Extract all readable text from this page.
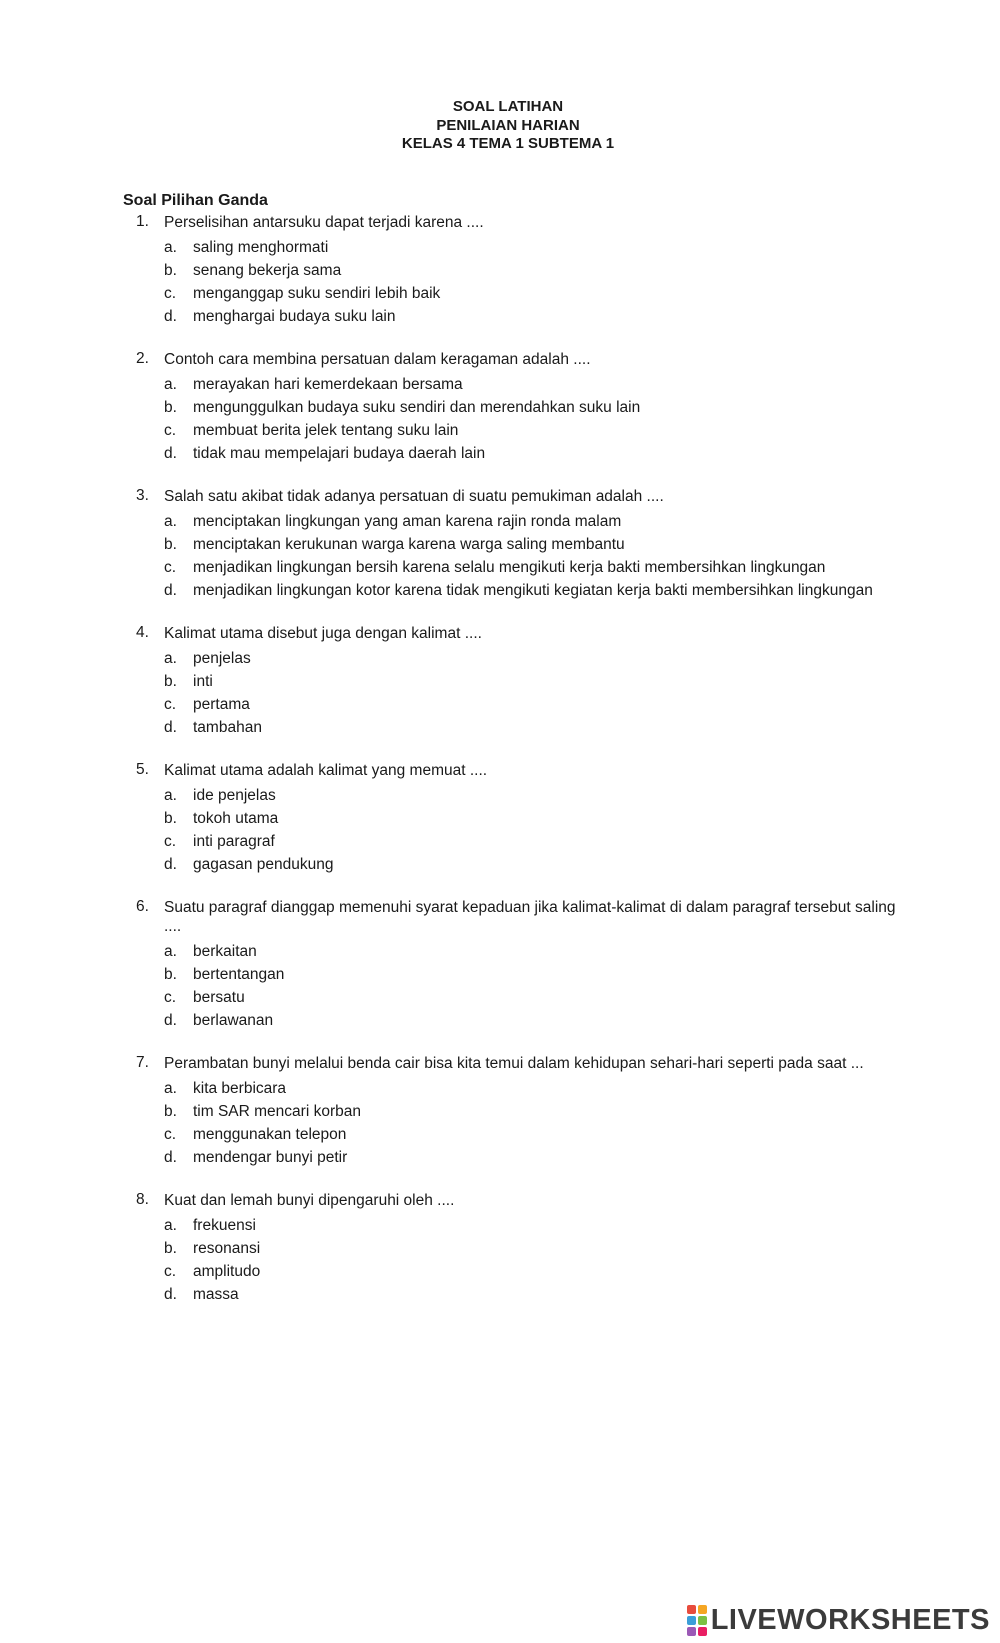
SOAL LATIHAN
PENILAIAN HARIAN
KELAS 4 TEMA 1 SUBTEMA 1
Soal Pilihan Ganda
1. Perselisihan antarsuku dapat terjadi karena ....
a.	saling menghormati
b.	senang bekerja sama
c.	menganggap suku sendiri lebih baik
d.	menghargai budaya suku lain
2. Contoh cara membina persatuan dalam keragaman adalah ....
a.	merayakan hari kemerdekaan bersama
b.	mengunggulkan budaya suku sendiri dan merendahkan suku lain
c.	membuat berita jelek tentang suku lain
d.	tidak mau mempelajari budaya daerah lain
3. Salah satu akibat tidak adanya persatuan di suatu pemukiman adalah ....
a.	menciptakan lingkungan yang aman karena rajin ronda malam
b.	menciptakan kerukunan warga karena warga saling membantu
c.	menjadikan lingkungan bersih karena selalu mengikuti kerja bakti membersihkan lingkungan
d.	menjadikan lingkungan kotor karena tidak mengikuti kegiatan kerja bakti membersihkan lingkungan
4. Kalimat utama disebut juga dengan kalimat ....
a.	penjelas
b.	inti
c.	pertama
d.	tambahan
5. Kalimat utama adalah kalimat yang memuat ....
a.	ide penjelas
b.	tokoh utama
c.	inti paragraf
d.	gagasan pendukung
6. Suatu paragraf dianggap memenuhi syarat kepaduan jika kalimat-kalimat di dalam paragraf tersebut saling ....
a.	berkaitan
b.	bertentangan
c.	bersatu
d.	berlawanan
7. Perambatan bunyi melalui benda cair bisa kita temui dalam kehidupan sehari-hari seperti pada saat ...
a.	kita berbicara
b.	tim SAR mencari korban
c.	menggunakan telepon
d.	mendengar bunyi petir
8. Kuat dan lemah bunyi dipengaruhi oleh ....
a.	frekuensi
b.	resonansi
c.	amplitudo
d.	massa
LIVEWORKSHEETS
